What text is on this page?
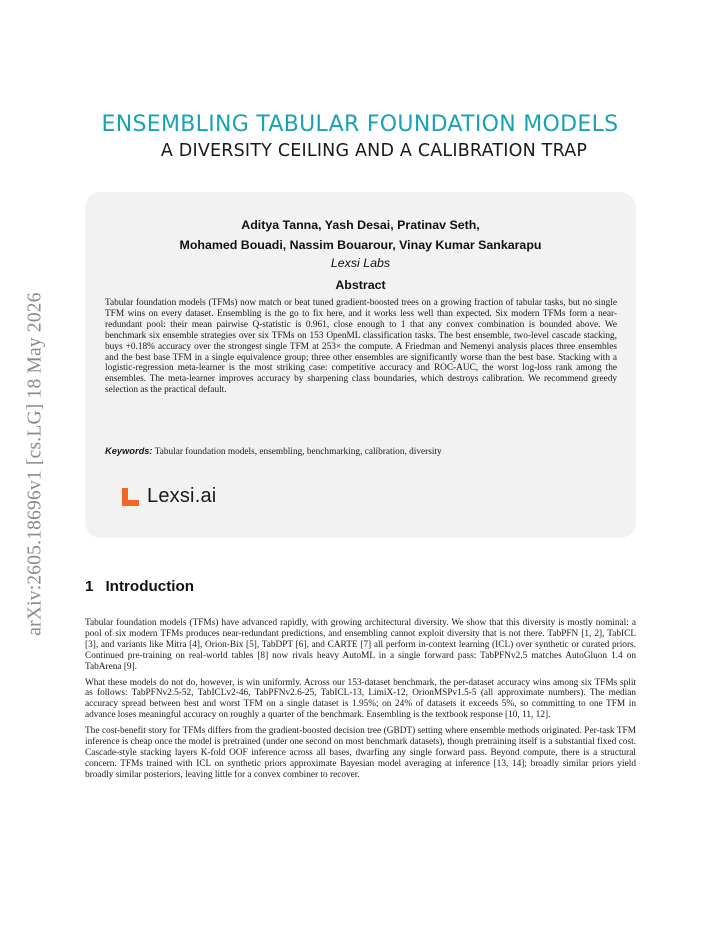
arXiv:2605.18696v1 [cs.LG] 18 May 2026
ENSEMBLING TABULAR FOUNDATION MODELS
A DIVERSITY CEILING AND A CALIBRATION TRAP
Aditya Tanna, Yash Desai, Pratinav Seth,
Mohamed Bouadi, Nassim Bouarour, Vinay Kumar Sankarapu
Lexsi Labs
Abstract
Tabular foundation models (TFMs) now match or beat tuned gradient-boosted trees on a growing fraction of tabular tasks, but no single TFM wins on every dataset. Ensembling is the go to fix here, and it works less well than expected. Six modern TFMs form a near-redundant pool: their mean pairwise Q-statistic is 0.961, close enough to 1 that any convex combination is bounded above. We benchmark six ensemble strategies over six TFMs on 153 OpenML classification tasks. The best ensemble, two-level cascade stacking, buys +0.18% accuracy over the strongest single TFM at 253× the compute. A Friedman and Nemenyi analysis places three ensembles and the best base TFM in a single equivalence group; three other ensembles are significantly worse than the best base. Stacking with a logistic-regression meta-learner is the most striking case: competitive accuracy and ROC-AUC, the worst log-loss rank among the ensembles. The meta-learner improves accuracy by sharpening class boundaries, which destroys calibration. We recommend greedy selection as the practical default.
Keywords: Tabular foundation models, ensembling, benchmarking, calibration, diversity
Lexsi.ai
1 Introduction

Tabular foundation models (TFMs) have advanced rapidly, with growing architectural diversity. We show that this diversity is mostly nominal: a pool of six modern TFMs produces near-redundant predictions, and ensembling cannot exploit diversity that is not there. TabPFN [1, 2], TabICL [3], and variants like Mitra [4], Orion-Bix [5], TabDPT [6], and CARTE [7] all perform in-context learning (ICL) over synthetic or curated priors. Continued pre-training on real-world tables [8] now rivals heavy AutoML in a single forward pass: TabPFNv2.5 matches AutoGluon 1.4 on TabArena [9].

What these models do not do, however, is win uniformly. Across our 153-dataset benchmark, the per-dataset accuracy wins among six TFMs split as follows: TabPFNv2.5-52, TabICLv2-46, TabPFNv2.6-25, TabICL-13, LimiX-12, OrionMSPv1.5-5 (all approximate numbers). The median accuracy spread between best and worst TFM on a single dataset is 1.95%; on 24% of datasets it exceeds 5%, so committing to one TFM in advance loses meaningful accuracy on roughly a quarter of the benchmark. Ensembling is the textbook response [10, 11, 12].

The cost-benefit story for TFMs differs from the gradient-boosted decision tree (GBDT) setting where ensemble methods originated. Per-task TFM inference is cheap once the model is pretrained (under one second on most benchmark datasets), though pretraining itself is a substantial fixed cost. Cascade-style stacking layers K-fold OOF inference across all bases, dwarfing any single forward pass. Beyond compute, there is a structural concern. TFMs trained with ICL on synthetic priors approximate Bayesian model averaging at inference [13, 14]; broadly similar priors yield broadly similar posteriors, leaving little for a convex combiner to recover.
